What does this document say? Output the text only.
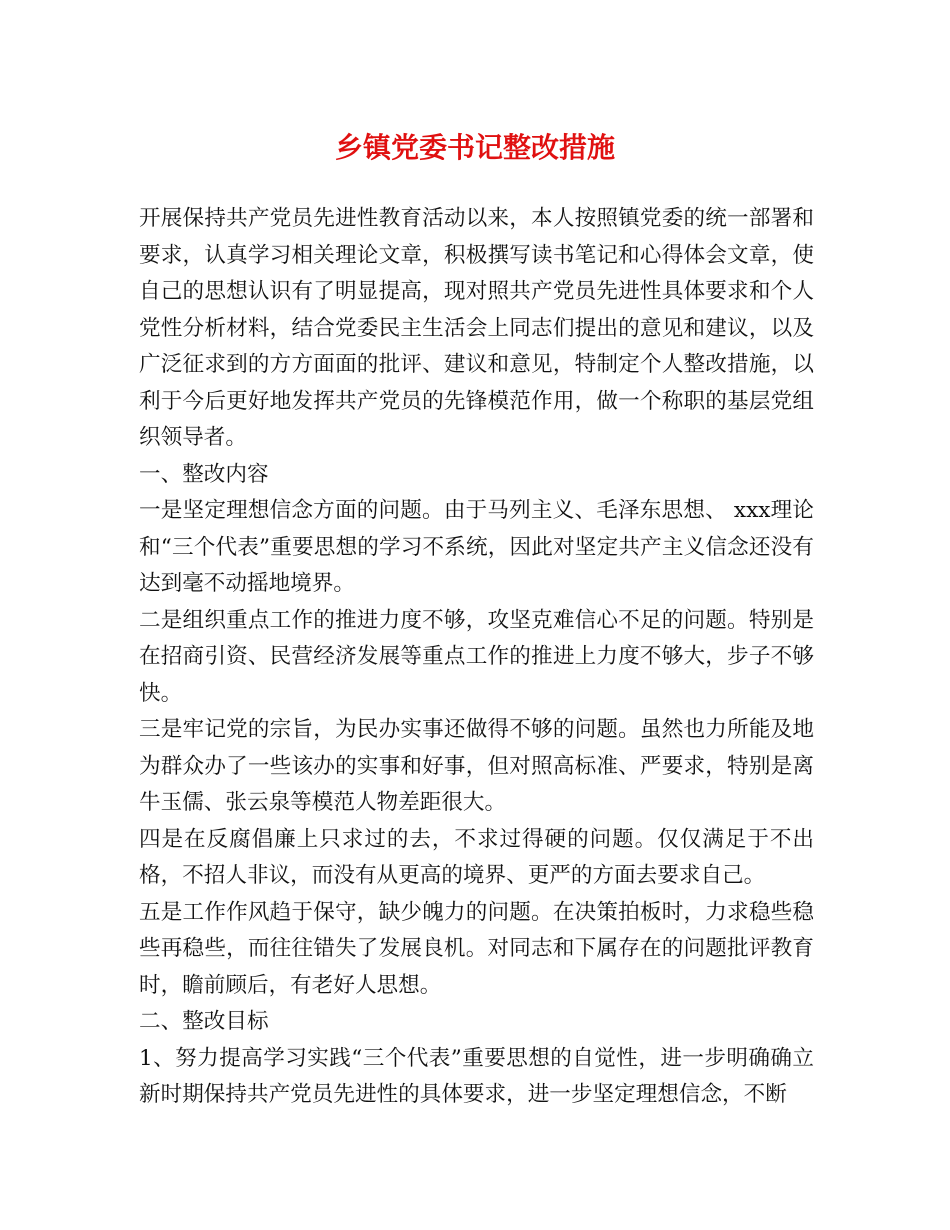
乡镇党委书记整改措施

开展保持共产党员先进性教育活动以来，本人按照镇党委的统一部署和要求，认真学习相关理论文章，积极撰写读书笔记和心得体会文章，使自己的思想认识有了明显提高，现对照共产党员先进性具体要求和个人党性分析材料，结合党委民主生活会上同志们提出的意见和建议，以及广泛征求到的方方面面的批评、建议和意见，特制定个人整改措施，以利于今后更好地发挥共产党员的先锋模范作用，做一个称职的基层党组织领导者。

一、整改内容

一是坚定理想信念方面的问题。由于马列主义、毛泽东思想、 xxx理论和“三个代表”重要思想的学习不系统，因此对坚定共产主义信念还没有达到毫不动摇地境界。

二是组织重点工作的推进力度不够，攻坚克难信心不足的问题。特别是在招商引资、民营经济发展等重点工作的推进上力度不够大，步子不够快。

三是牢记党的宗旨，为民办实事还做得不够的问题。虽然也力所能及地为群众办了一些该办的实事和好事，但对照高标准、严要求，特别是离牛玉儒、张云泉等模范人物差距很大。

四是在反腐倡廉上只求过的去，不求过得硬的问题。仅仅满足于不出格，不招人非议，而没有从更高的境界、更严的方面去要求自己。

五是工作作风趋于保守，缺少魄力的问题。在决策拍板时，力求稳些稳些再稳些，而往往错失了发展良机。对同志和下属存在的问题批评教育时，瞻前顾后，有老好人思想。

二、整改目标

1、努力提高学习实践“三个代表”重要思想的自觉性，进一步明确确立新时期保持共产党员先进性的具体要求，进一步坚定理想信念，不断
